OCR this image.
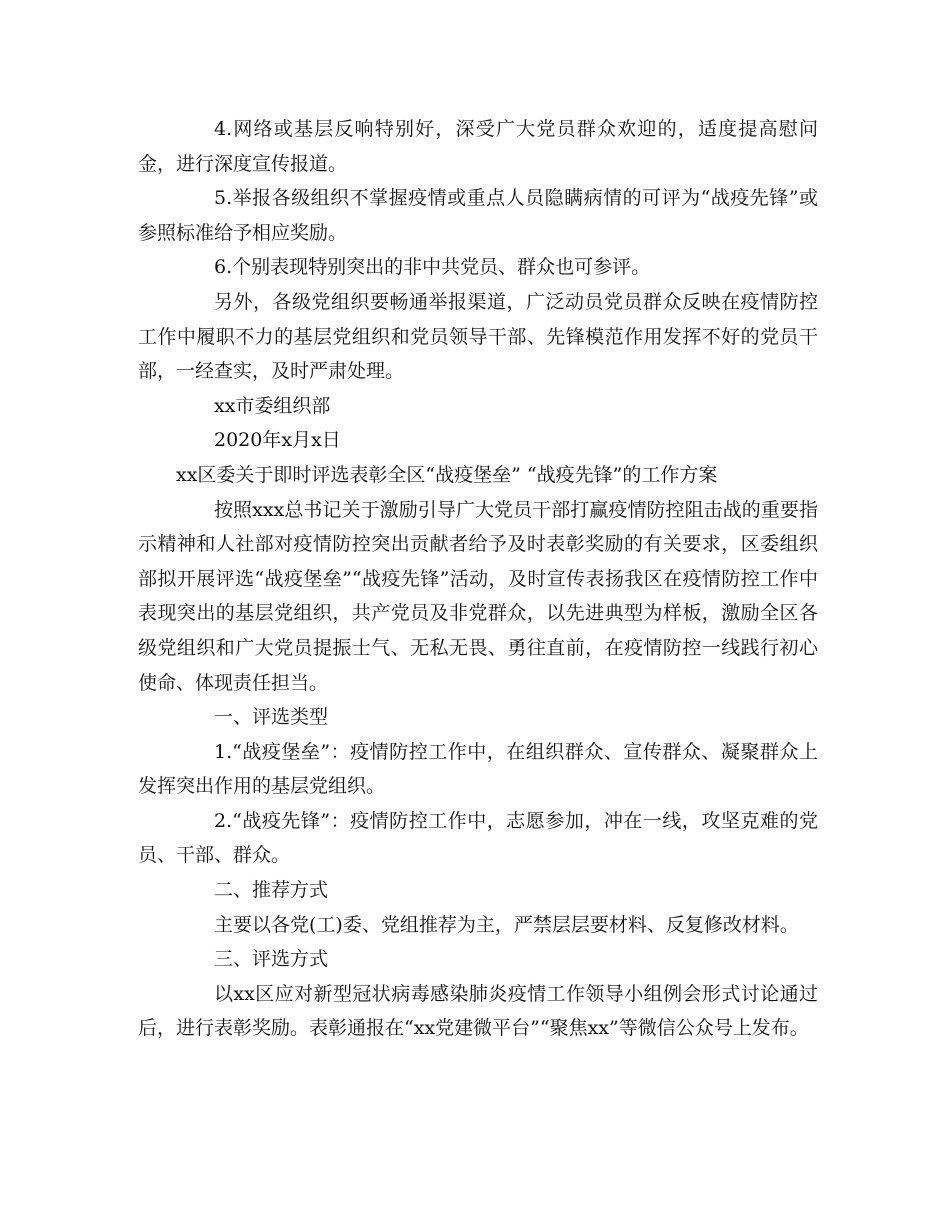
4.网络或基层反响特别好，深受广大党员群众欢迎的，适度提高慰问金，进行深度宣传报道。

5.举报各级组织不掌握疫情或重点人员隐瞒病情的可评为“战疫先锋”或参照标准给予相应奖励。

6.个别表现特别突出的非中共党员、群众也可参评。

另外，各级党组织要畅通举报渠道，广泛动员党员群众反映在疫情防控工作中履职不力的基层党组织和党员领导干部、先锋模范作用发挥不好的党员干部，一经查实，及时严肃处理。

xx市委组织部

2020年x月x日

xx区委关于即时评选表彰全区“战疫堡垒” “战疫先锋”的工作方案

按照xxx总书记关于激励引导广大党员干部打赢疫情防控阻击战的重要指示精神和人社部对疫情防控突出贡献者给予及时表彰奖励的有关要求，区委组织部拟开展评选“战疫堡垒”“战疫先锋”活动，及时宣传表扬我区在疫情防控工作中表现突出的基层党组织，共产党员及非党群众，以先进典型为样板，激励全区各级党组织和广大党员提振士气、无私无畏、勇往直前，在疫情防控一线践行初心使命、体现责任担当。

一、评选类型

1.“战疫堡垒”：疫情防控工作中，在组织群众、宣传群众、凝聚群众上发挥突出作用的基层党组织。

2.“战疫先锋”：疫情防控工作中，志愿参加，冲在一线，攻坚克难的党员、干部、群众。

二、推荐方式

主要以各党(工)委、党组推荐为主，严禁层层要材料、反复修改材料。

三、评选方式

以xx区应对新型冠状病毒感染肺炎疫情工作领导小组例会形式讨论通过后，进行表彰奖励。表彰通报在“xx党建微平台”“聚焦xx”等微信公众号上发布。
